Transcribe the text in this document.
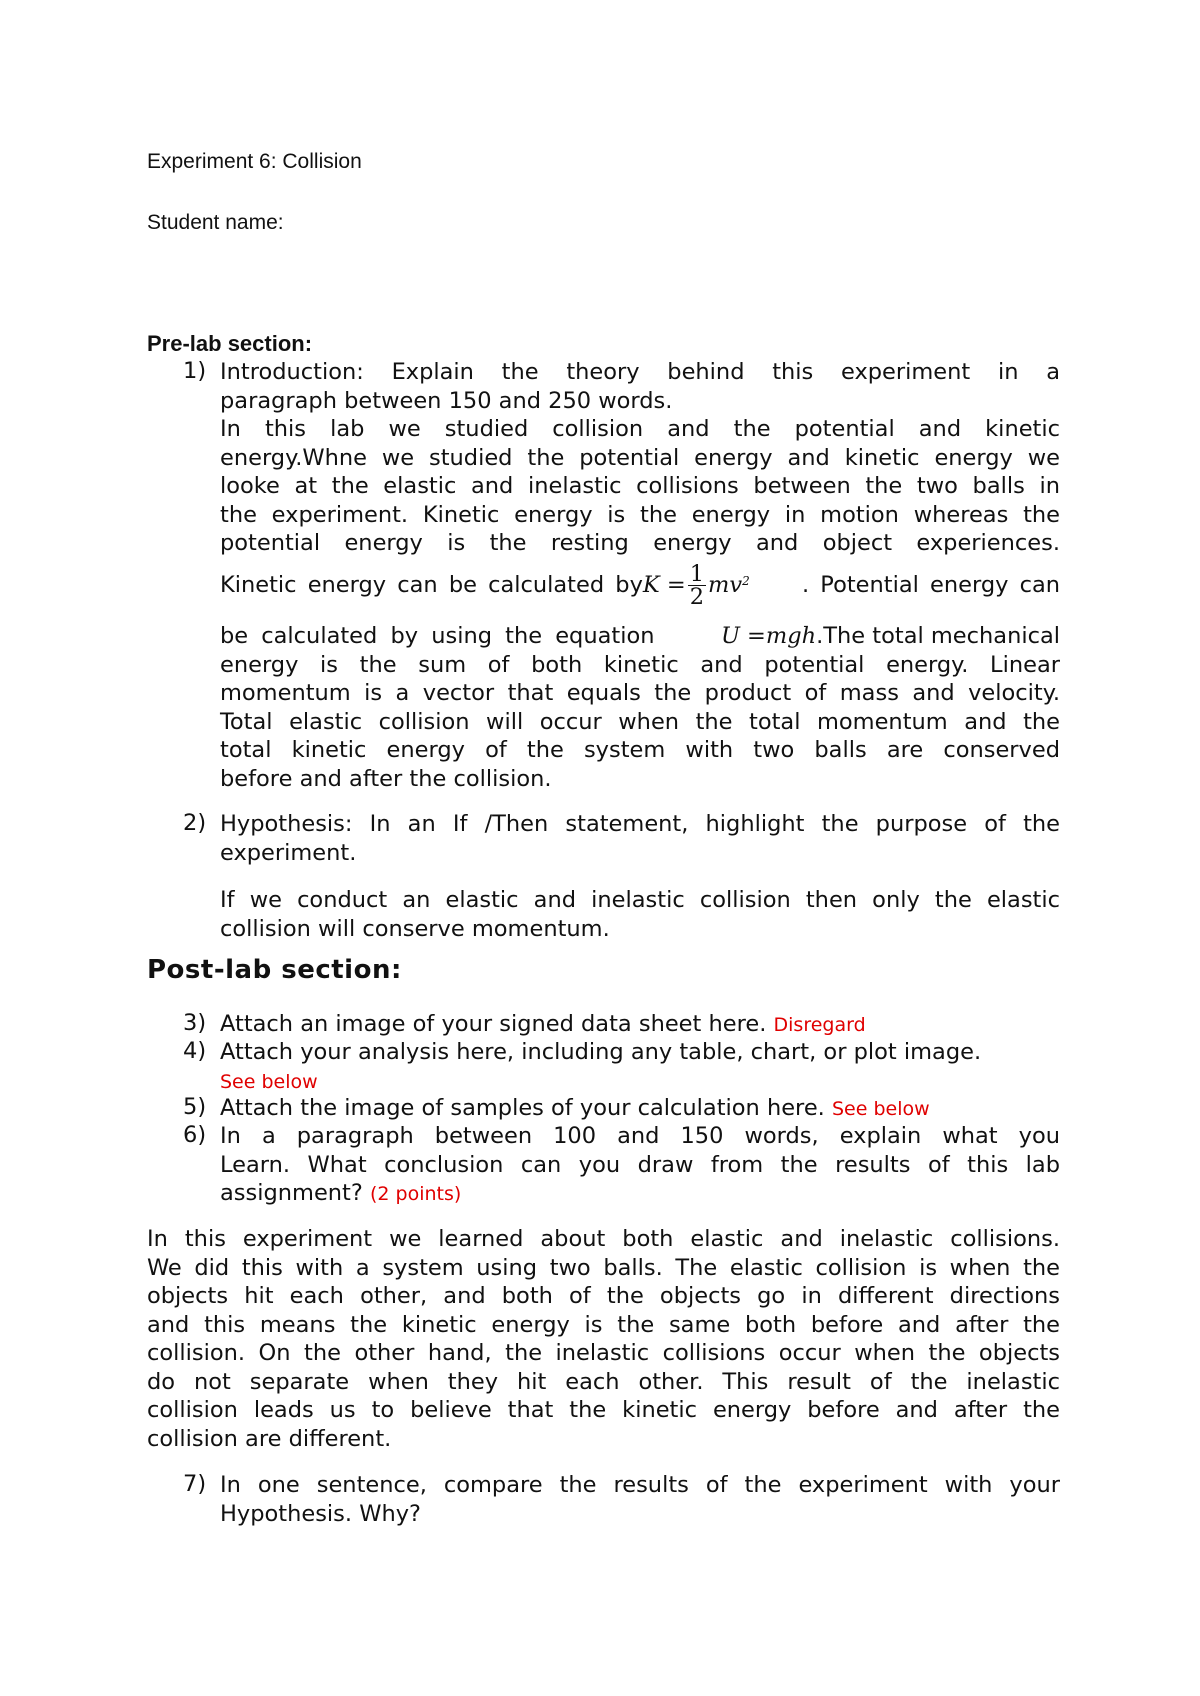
Experiment 6: Collision
Student name:
Pre-lab section:
1) Introduction: Explain the theory behind this experiment in a
paragraph between 150 and 250 words.
In this lab we studied collision and the potential and kinetic
energy.Whne we studied the potential energy and kinetic energy we
looke at the elastic and inelastic collisions between the two balls in
the experiment. Kinetic energy is the energy in motion whereas the
potential energy is the resting energy and object experiences.
Kinetic energy can be calculated by $K = \frac{1}{2} mv^2$ . Potential energy can
be calculated by using the equation	U =mgh.The total mechanical
energy is the sum of both kinetic and potential energy. Linear
momentum is a vector that equals the product of mass and velocity.
Total elastic collision will occur when the total momentum and the
total kinetic energy of the system with two balls are conserved
before and after the collision.
2) Hypothesis: In an If /Then statement, highlight the purpose of the
experiment.
If we conduct an elastic and inelastic collision then only the elastic
collision will conserve momentum.
Post-lab section:
3) Attach an image of your signed data sheet here. Disregard
4) Attach your analysis here, including any table, chart, or plot image.
See below
5) Attach the image of samples of your calculation here. See below
6) In a paragraph between 100 and 150 words, explain what you
Learn. What conclusion can you draw from the results of this lab
assignment? (2 points)
In this experiment we learned about both elastic and inelastic collisions.
We did this with a system using two balls. The elastic collision is when the
objects hit each other, and both of the objects go in different directions
and this means the kinetic energy is the same both before and after the
collision. On the other hand, the inelastic collisions occur when the objects
do not separate when they hit each other. This result of the inelastic
collision leads us to believe that the kinetic energy before and after the
collision are different.
7) In one sentence, compare the results of the experiment with your
Hypothesis. Why?
